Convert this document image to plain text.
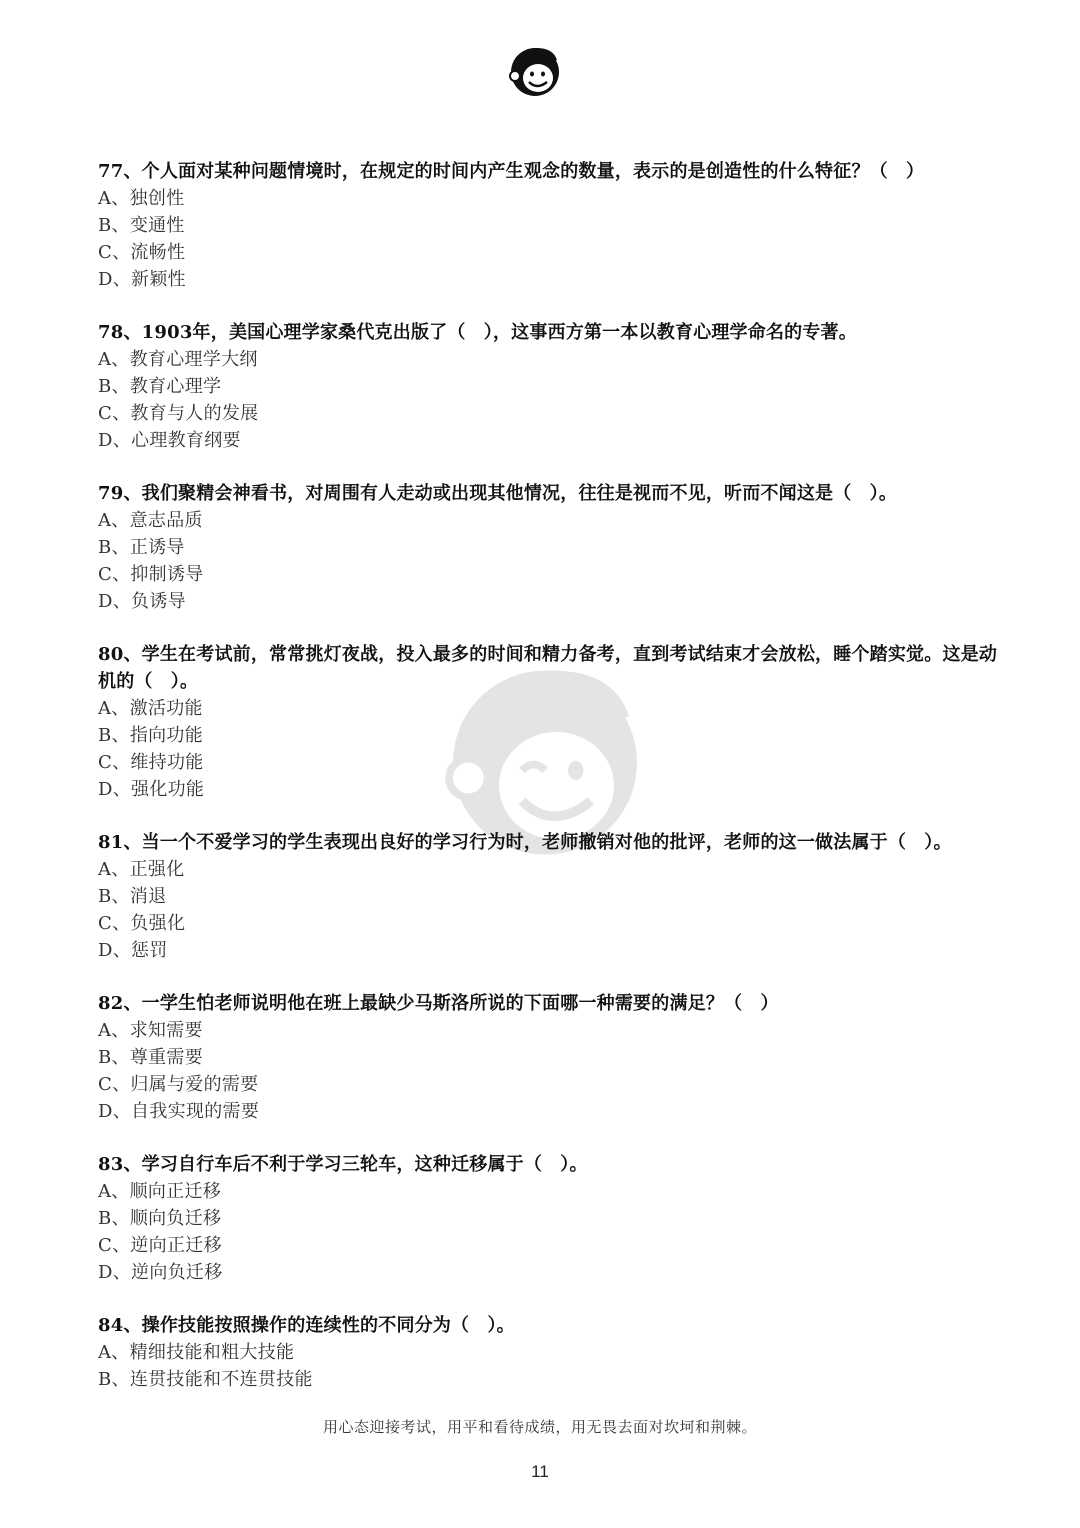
77、个人面对某种问题情境时，在规定的时间内产生观念的数量，表示的是创造性的什么特征？（　）
A、独创性
B、变通性
C、流畅性
D、新颖性
78、1903年，美国心理学家桑代克出版了（　），这事西方第一本以教育心理学命名的专著。
A、教育心理学大纲
B、教育心理学
C、教育与人的发展
D、心理教育纲要
79、我们聚精会神看书，对周围有人走动或出现其他情况，往往是视而不见，听而不闻这是（　）。
A、意志品质
B、正诱导
C、抑制诱导
D、负诱导
80、学生在考试前，常常挑灯夜战，投入最多的时间和精力备考，直到考试结束才会放松，睡个踏实觉。这是动机的（　）。
A、激活功能
B、指向功能
C、维持功能
D、强化功能
81、当一个不爱学习的学生表现出良好的学习行为时，老师撤销对他的批评，老师的这一做法属于（　）。
A、正强化
B、消退
C、负强化
D、惩罚
82、一学生怕老师说明他在班上最缺少马斯洛所说的下面哪一种需要的满足？（　）
A、求知需要
B、尊重需要
C、归属与爱的需要
D、自我实现的需要
83、学习自行车后不利于学习三轮车，这种迁移属于（　）。
A、顺向正迁移
B、顺向负迁移
C、逆向正迁移
D、逆向负迁移
84、操作技能按照操作的连续性的不同分为（　）。
A、精细技能和粗大技能
B、连贯技能和不连贯技能
用心态迎接考试，用平和看待成绩，用无畏去面对坎坷和荆棘。
11
